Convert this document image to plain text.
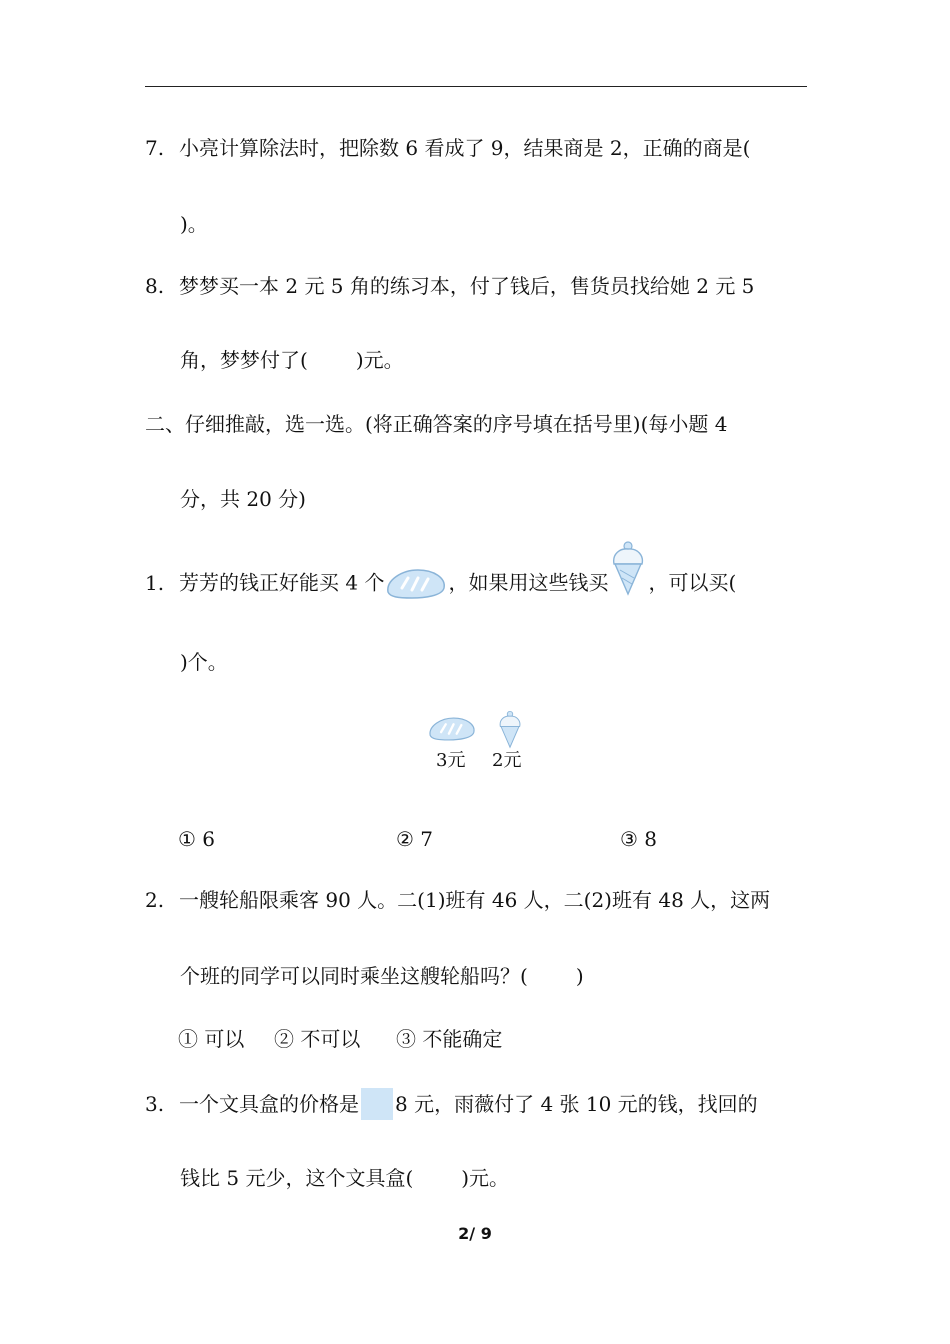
7. 小亮计算除法时，把除数 6 看成了 9，结果商是 2，正确的商是(
)。
8. 梦梦买一本 2 元 5 角的练习本，付了钱后，售货员找给她 2 元 5
角，梦梦付了( )元。
二、仔细推敲，选一选。(将正确答案的序号填在括号里)(每小题 4
分，共 20 分)
1. 芳芳的钱正好能买 4 个	，如果用这些钱买 ，可以买(
)个。
3元 2元
① 6	② 7	③ 8
2. 一艘轮船限乘客 90 人。二(1)班有 46 人，二(2)班有 48 人，这两
个班的同学可以同时乘坐这艘轮船吗？( )
① 可以 ② 不可以 ③ 不能确定
3. 一个文具盒的价格是 8 元，雨薇付了 4 张 10 元的钱，找回的
钱比 5 元少，这个文具盒( )元。
2/ 9
